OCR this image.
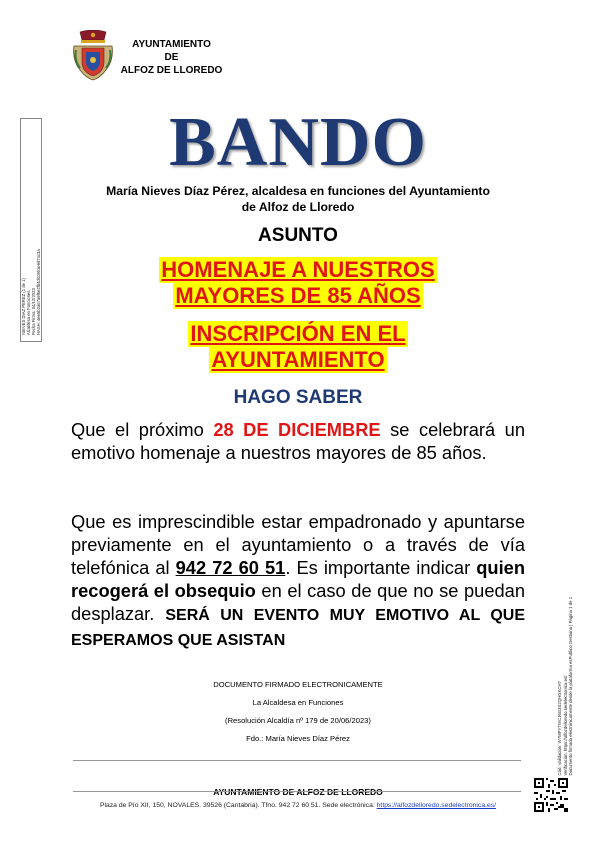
AYUNTAMIENTO
DE
ALFOZ DE LLOREDO
NIEVES DIAZ PEREZ (1 de 1) Alcaldesa en Funciones Fecha Firma: 04/12/2023 HASH: 4ee5b2a67a9f6e2fb4d0c9b1e9d74c3a
BANDO
María Nieves Díaz Pérez, alcaldesa en funciones del Ayuntamiento
de Alfoz de Lloredo
ASUNTO
HOMENAJE A NUESTROS
MAYORES DE 85 AÑOS
INSCRIPCIÓN EN EL
AYUNTAMIENTO
HAGO SABER
Que el próximo 28 DE DICIEMBRE se celebrará un emotivo homenaje a nuestros mayores de 85 años.
Que es imprescindible estar empadronado y apuntarse previamente en el ayuntamiento o a través de vía telefónica al 942 72 60 51. Es importante indicar quien recogerá el obsequio en el caso de que no se puedan desplazar. SERÁ UN EVENTO MUY EMOTIVO AL QUE ESPERAMOS QUE ASISTAN
DOCUMENTO FIRMADO ELECTRONICAMENTE
La Alcaldesa en Funciones
(Resolución Alcaldía nº 179 de 20/06/2023)
Fdo.: María Nieves Díaz Pérez
AYUNTAMIENTO DE ALFOZ DE LLOREDO
Plaza de Pío XII, 150, NOVALES. 39526 (Cantabria). Tfno. 942 72 60 51. Sede electrónica: https://alfozdelloredo.sedelectronica.es/
Cód. Validación: W7MPYTWCJ6G3S2QHGKCH7 Verificación: https://alfozdelloredo.sedelectronica.es/ Documento firmado electrónicamente desde la plataforma esPublico Gestiona | Página 1 de 1
